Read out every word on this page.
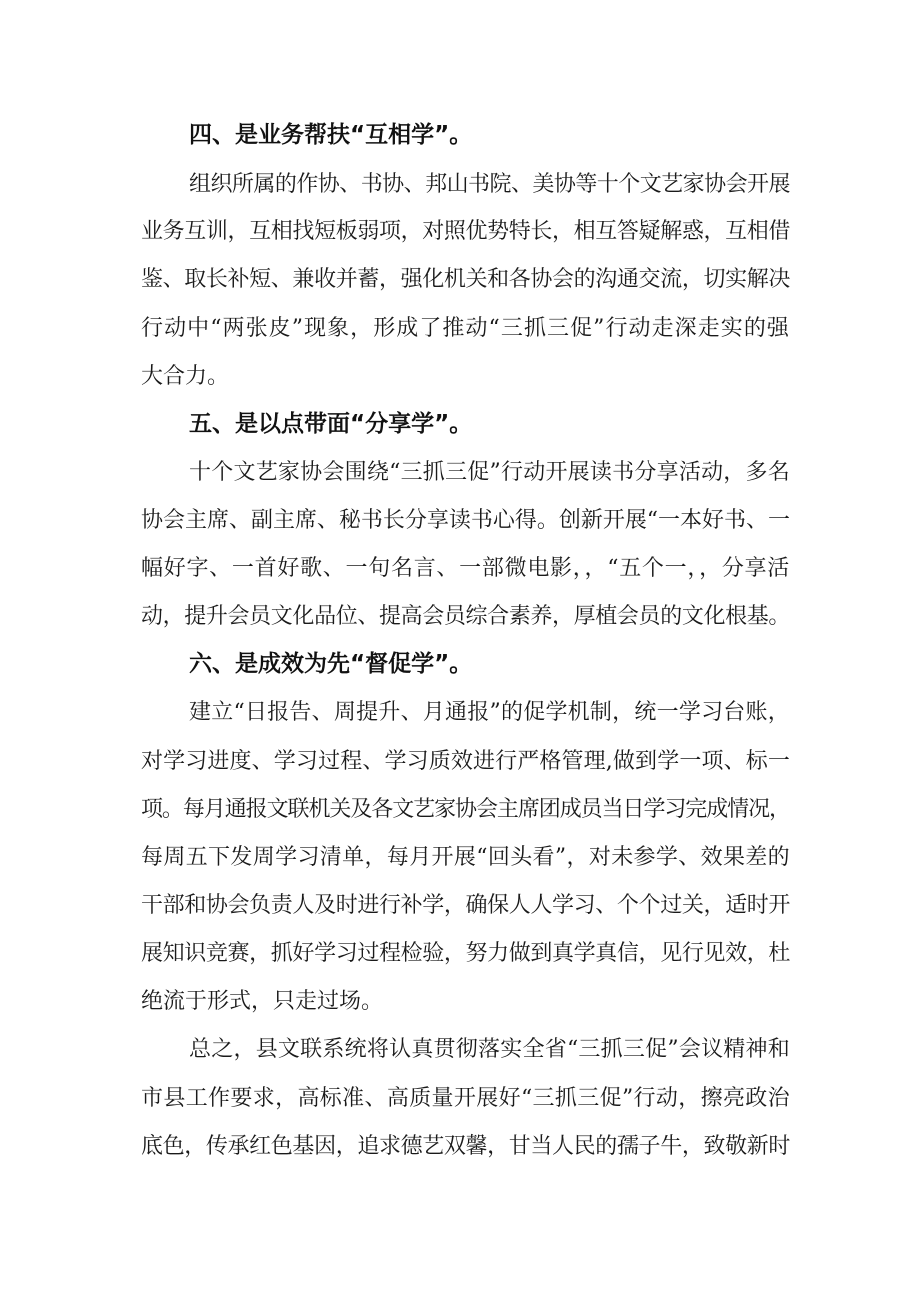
四、是业务帮扶“互相学”。
组织所属的作协、书协、邦山书院、美协等十个文艺家协会开展
业务互训，互相找短板弱项，对照优势特长，相互答疑解惑，互相借
鉴、取长补短、兼收并蓄，强化机关和各协会的沟通交流，切实解决
行动中“两张皮”现象，形成了推动“三抓三促”行动走深走实的强
大合力。
五、是以点带面“分享学”。
十个文艺家协会围绕“三抓三促”行动开展读书分享活动，多名
协会主席、副主席、秘书长分享读书心得。创新开展“一本好书、一
幅好字、一首好歌、一句名言、一部微电影，，“五个一，，分享活
动，提升会员文化品位、提高会员综合素养，厚植会员的文化根基。
六、是成效为先“督促学”。
建立“日报告、周提升、月通报”的促学机制，统一学习台账，
对学习进度、学习过程、学习质效进行严格管理,做到学一项、标一
项。每月通报文联机关及各文艺家协会主席团成员当日学习完成情况，
每周五下发周学习清单，每月开展“回头看”，对未参学、效果差的
干部和协会负责人及时进行补学，确保人人学习、个个过关，适时开
展知识竞赛，抓好学习过程检验，努力做到真学真信，见行见效，杜
绝流于形式，只走过场。
总之，县文联系统将认真贯彻落实全省“三抓三促”会议精神和
市县工作要求，高标准、高质量开展好“三抓三促”行动，擦亮政治
底色，传承红色基因，追求德艺双馨，甘当人民的孺子牛，致敬新时
